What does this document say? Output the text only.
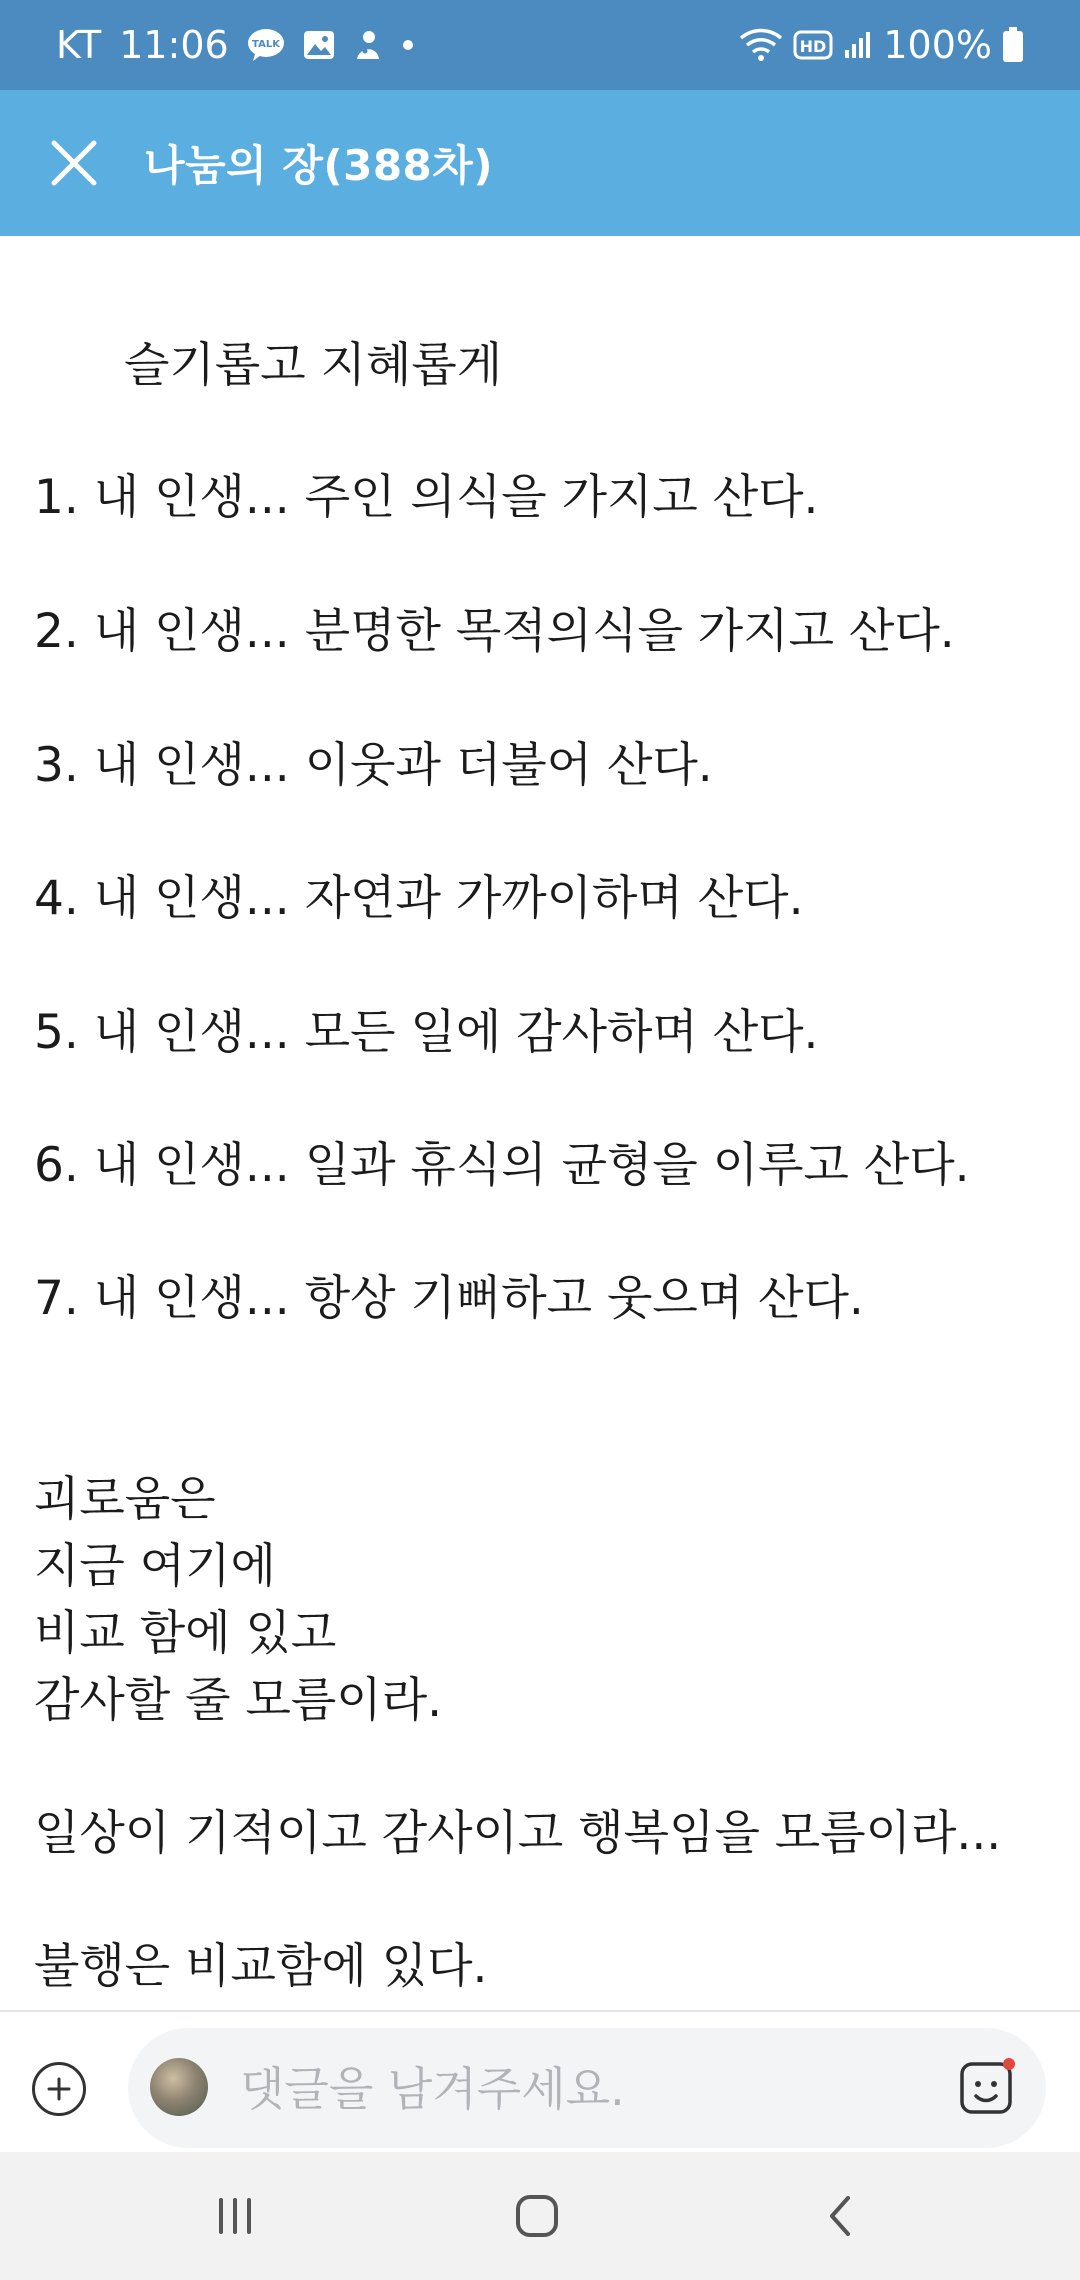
KT 11:06 TALK	HD 100%
나눔의 장(388차)
슬기롭고 지혜롭게
1. 내 인생... 주인 의식을 가지고 산다.
2. 내 인생... 분명한 목적의식을 가지고 산다.
3. 내 인생... 이웃과 더불어 산다.
4. 내 인생... 자연과 가까이하며 산다.
5. 내 인생... 모든 일에 감사하며 산다.
6. 내 인생... 일과 휴식의 균형을 이루고 산다.
7. 내 인생... 항상 기뻐하고 웃으며 산다.
괴로움은
지금 여기에
비교 함에 있고
감사할 줄 모름이라.
일상이 기적이고 감사이고 행복임을 모름이라...
불행은 비교함에 있다.
댓글을 남겨주세요.
